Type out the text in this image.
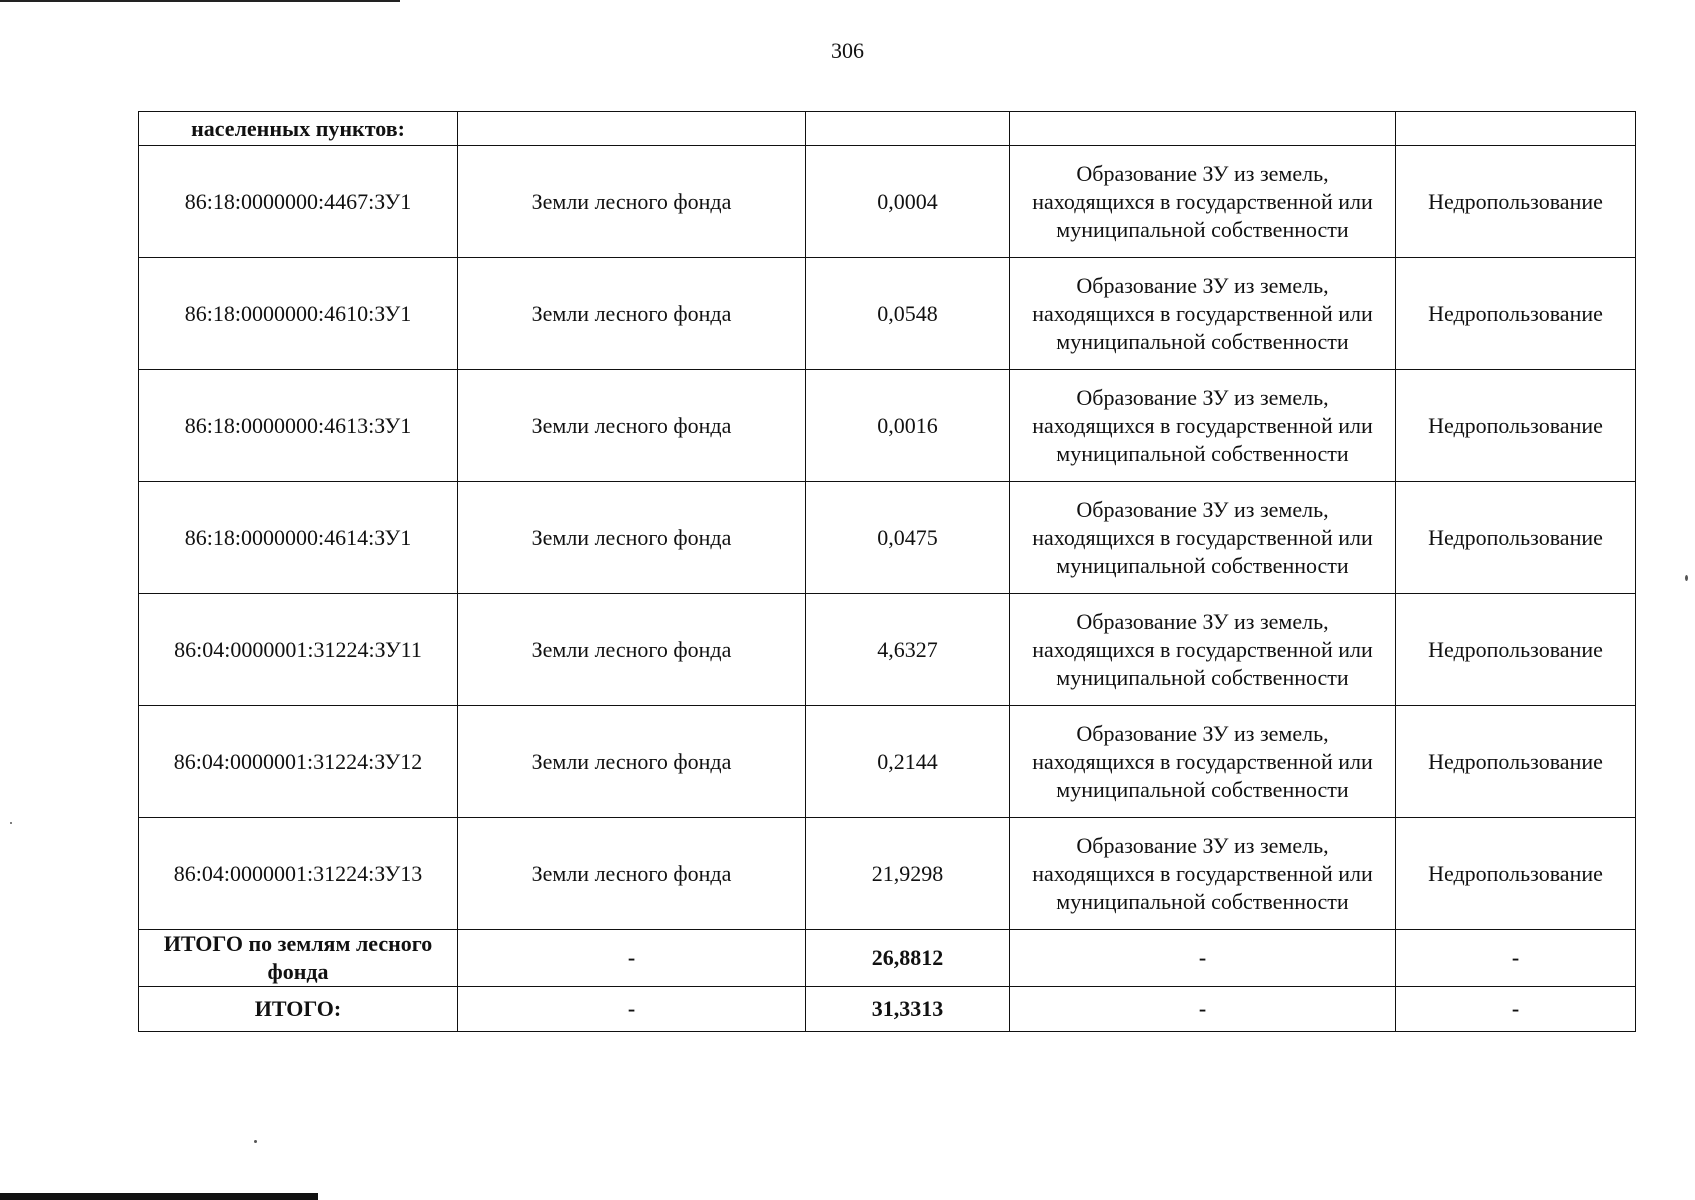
306
населенных пунктов:				
86:18:0000000:4467:ЗУ1	Земли лесного фонда	0,0004	Образование ЗУ из земель, находящихся в государственной или муниципальной собственности	Недропользование
86:18:0000000:4610:ЗУ1	Земли лесного фонда	0,0548	Образование ЗУ из земель, находящихся в государственной или муниципальной собственности	Недропользование
86:18:0000000:4613:ЗУ1	Земли лесного фонда	0,0016	Образование ЗУ из земель, находящихся в государственной или муниципальной собственности	Недропользование
86:18:0000000:4614:ЗУ1	Земли лесного фонда	0,0475	Образование ЗУ из земель, находящихся в государственной или муниципальной собственности	Недропользование
86:04:0000001:31224:ЗУ11	Земли лесного фонда	4,6327	Образование ЗУ из земель, находящихся в государственной или муниципальной собственности	Недропользование
86:04:0000001:31224:ЗУ12	Земли лесного фонда	0,2144	Образование ЗУ из земель, находящихся в государственной или муниципальной собственности	Недропользование
86:04:0000001:31224:ЗУ13	Земли лесного фонда	21,9298	Образование ЗУ из земель, находящихся в государственной или муниципальной собственности	Недропользование
ИТОГО по землям лесного фонда	-	26,8812	-	-
ИТОГО:	-	31,3313	-	-
